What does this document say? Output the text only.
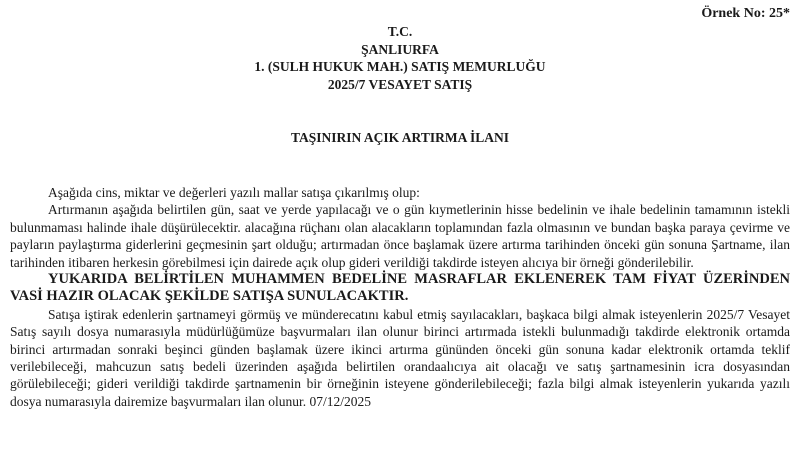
Örnek No: 25*
T.C.
ŞANLIURFA
1. (SULH HUKUK MAH.) SATIŞ MEMURLUĞU
2025/7 VESAYET SATIŞ
TAŞINIRIN AÇIK ARTIRMA İLANI

Aşağıda cins, miktar ve değerleri yazılı mallar satışa çıkarılmış olup:

Artırmanın aşağıda belirtilen gün, saat ve yerde yapılacağı ve o gün kıymetlerinin hisse bedelinin ve ihale bedelinin tamamının istekli bulunmaması halinde ihale düşürülecektir. alacağına rüçhanı olan alacakların toplamından fazla olmasının ve bundan başka paraya çevirme ve payların paylaştırma giderlerini geçmesinin şart olduğu; artırmadan önce başlamak üzere artırma tarihinden önceki gün sonuna Şartname, ilan tarihinden itibaren herkesin görebilmesi için dairede açık olup gideri verildiği takdirde isteyen alıcıya bir örneği gönderilebilir.

YUKARIDA BELİRTİLEN MUHAMMEN BEDELİNE MASRAFLAR EKLENEREK TAM FİYAT ÜZERİNDEN VASİ HAZIR OLACAK ŞEKİLDE SATIŞA SUNULACAKTIR.

Satışa iştirak edenlerin şartnameyi görmüş ve münderecatını kabul etmiş sayılacakları, başkaca bilgi almak isteyenlerin 2025/7 Vesayet Satış sayılı dosya numarasıyla müdürlüğümüze başvurmaları ilan olunur birinci artırmada istekli bulunmadığı takdirde elektronik ortamda birinci artırmadan sonraki beşinci günden başlamak üzere ikinci artırma gününden önceki gün sonuna kadar elektronik ortamda teklif verilebileceği, mahcuzun satış bedeli üzerinden aşağıda belirtilen orandaalıcıya ait olacağı ve satış şartnamesinin icra dosyasından görülebileceği; gideri verildiği takdirde şartnamenin bir örneğinin isteyene gönderilebileceği; fazla bilgi almak isteyenlerin yukarıda yazılı dosya numarasıyla dairemize başvurmaları ilan olunur. 07/12/2025
